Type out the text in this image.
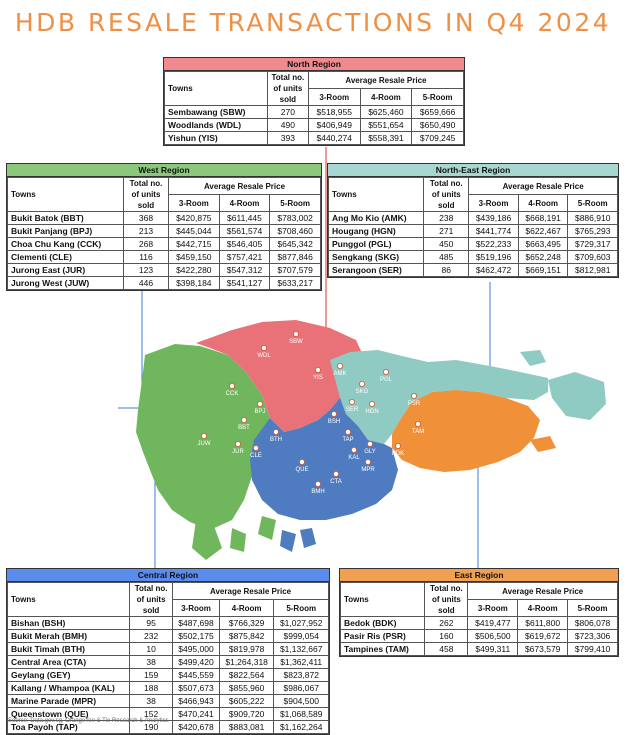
HDB RESALE TRANSACTIONS IN Q4 2024
SBW
WDL
YIS
CCK
BPJ
BBT
JUW
JUR
CLE
BTH
AMK
SKG
PGL
SER HGN
BSH
TAP
KAL
GLY
MPR
CTA
QUE
BMH
PSR
TAM
BDK
North Region
Towns	Total no. of units sold	Average Resale Price		
		3-Room	4-Room	5-Room
Sembawang (SBW)	270	$518,955	$625,460	$659,666
Woodlands (WDL)	490	$406,949	$551,654	$650,490
Yishun (YIS)	393	$440,274	$558,391	$709,245
West Region
Towns	Total no. of units sold	Average Resale Price		
		3-Room	4-Room	5-Room
Bukit Batok (BBT)	368	$420,875	$611,445	$783,002
Bukit Panjang (BPJ)	213	$445,044	$561,574	$708,460
Choa Chu Kang (CCK)	268	$442,715	$546,405	$645,342
Clementi (CLE)	116	$459,150	$757,421	$877,846
Jurong East (JUR)	123	$422,280	$547,312	$707,579
Jurong West (JUW)	446	$398,184	$541,127	$633,217
North-East Region
Towns	Total no. of units sold	Average Resale Price		
		3-Room	4-Room	5-Room
Ang Mo Kio (AMK)	238	$439,186	$668,191	$886,910
Hougang (HGN)	271	$441,774	$622,467	$765,293
Punggol (PGL)	450	$522,233	$663,495	$729,317
Sengkang (SKG)	485	$519,196	$652,248	$709,603
Serangoon (SER)	86	$462,472	$669,151	$812,981
Central Region
Towns	Total no. of units sold	Average Resale Price		
		3-Room	4-Room	5-Room
Bishan (BSH)	95	$487,698	$766,329	$1,027,952
Bukit Merah (BMH)	232	$502,175	$875,842	$999,054
Bukit Timah (BTH)	10	$495,000	$819,978	$1,132,667
Central Area (CTA)	38	$499,420	$1,264,318	$1,362,411
Geylang (GEY)	159	$445,559	$822,564	$823,872
Kallang / Whampoa (KAL)	188	$507,673	$855,960	$986,067
Marine Parade (MPR)	38	$466,943	$605,222	$904,500
Queenstown (QUE)	152	$470,241	$909,720	$1,068,589
Toa Payoh (TAP)	190	$420,678	$883,081	$1,162,264
East Region
Towns	Total no. of units sold	Average Resale Price		
		3-Room	4-Room	5-Room
Bedok (BDK)	262	$419,477	$611,800	$806,078
Pasir Ris (PSR)	160	$506,500	$619,672	$723,306
Tampines (TAM)	458	$499,311	$673,579	$799,410
Source: Data.gov.sg, OrangeTee & Tie Research & Analytics
